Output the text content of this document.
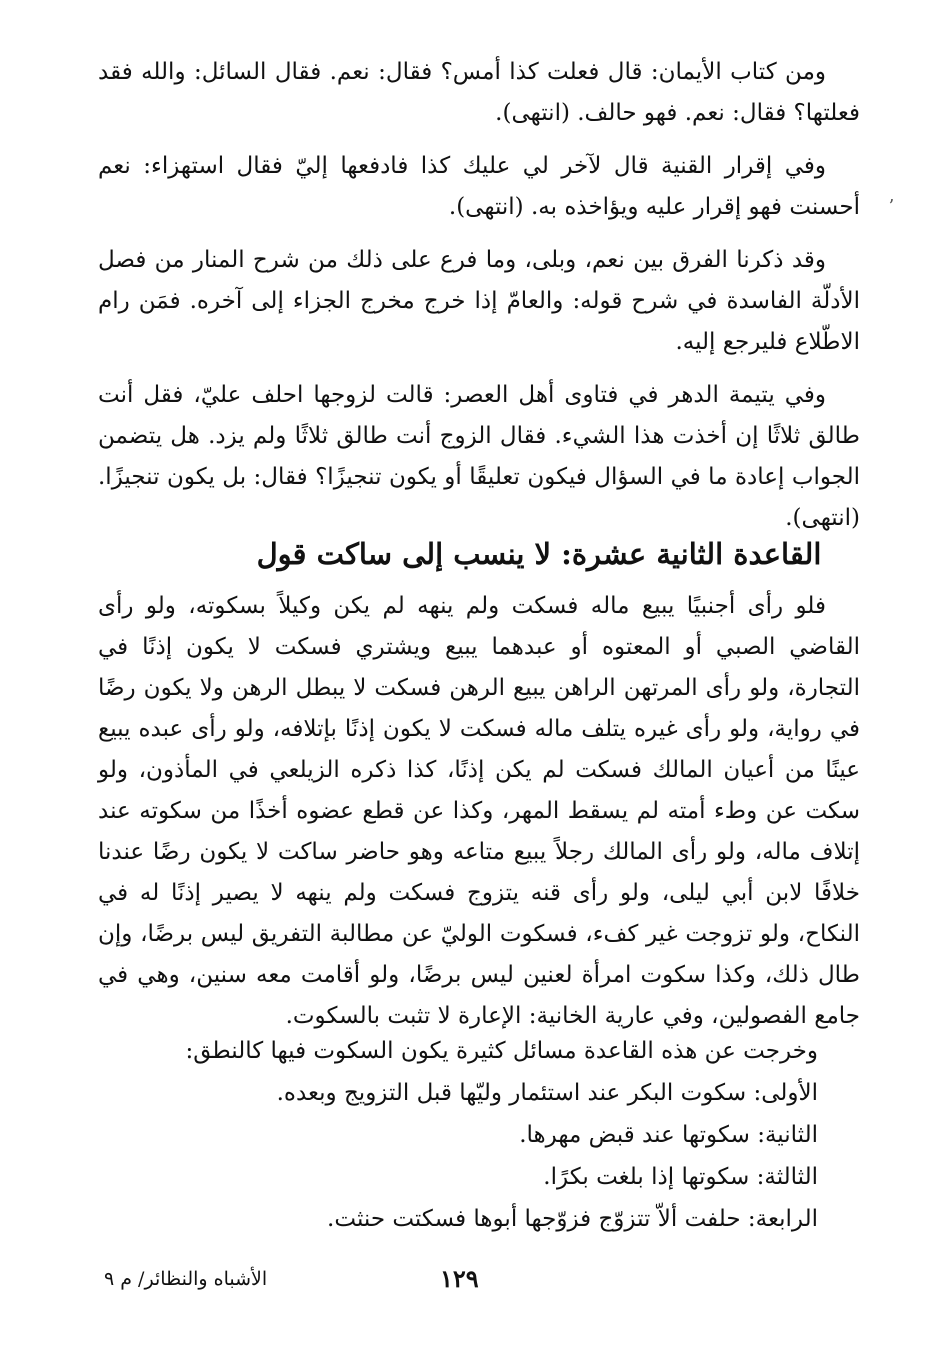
ومن كتاب الأيمان: قال فعلت كذا أمس؟ فقال: نعم. فقال السائل: والله فقد فعلتها؟ فقال: نعم. فهو حالف. (انتهى).

وفي إقرار القنية قال لآخر لي عليك كذا فادفعها إليّ فقال استهزاء: نعم أحسنت فهو إقرار عليه ويؤاخذه به. (انتهى).

وقد ذكرنا الفرق بين نعم، وبلى، وما فرع على ذلك من شرح المنار من فصل الأدلّة الفاسدة في شرح قوله: والعامّ إذا خرج مخرج الجزاء إلى آخره. فمَن رام الاطّلاع فليرجع إليه.

وفي يتيمة الدهر في فتاوى أهل العصر: قالت لزوجها احلف عليّ، فقل أنت طالق ثلاثًا إن أخذت هذا الشيء. فقال الزوج أنت طالق ثلاثًا ولم يزد. هل يتضمن الجواب إعادة ما في السؤال فيكون تعليقًا أو يكون تنجيزًا؟ فقال: بل يكون تنجيزًا. (انتهى).

ʼ
القاعدة الثانية عشرة: لا ينسب إلى ساكت قول

فلو رأى أجنبيًا يبيع ماله فسكت ولم ينهه لم يكن وكيلاً بسكوته، ولو رأى القاضي الصبي أو المعتوه أو عبدهما يبيع ويشتري فسكت لا يكون إذنًا في التجارة، ولو رأى المرتهن الراهن يبيع الرهن فسكت لا يبطل الرهن ولا يكون رضًا في رواية، ولو رأى غيره يتلف ماله فسكت لا يكون إذنًا بإتلافه، ولو رأى عبده يبيع عينًا من أعيان المالك فسكت لم يكن إذنًا، كذا ذكره الزيلعي في المأذون، ولو سكت عن وطء أمته لم يسقط المهر، وكذا عن قطع عضوه أخذًا من سكوته عند إتلاف ماله، ولو رأى المالك رجلاً يبيع متاعه وهو حاضر ساكت لا يكون رضًا عندنا خلافًا لابن أبي ليلى، ولو رأى قنه يتزوج فسكت ولم ينهه لا يصير إذنًا له في النكاح، ولو تزوجت غير كفء، فسكوت الوليّ عن مطالبة التفريق ليس برضًا، وإن طال ذلك، وكذا سكوت امرأة لعنين ليس برضًا، ولو أقامت معه سنين، وهي في جامع الفصولين، وفي عارية الخانية: الإعارة لا تثبت بالسكوت.

وخرجت عن هذه القاعدة مسائل كثيرة يكون السكوت فيها كالنطق:

الأولى: سكوت البكر عند استئمار وليّها قبل التزويج وبعده.

الثانية: سكوتها عند قبض مهرها.

الثالثة: سكوتها إذا بلغت بكرًا.

الرابعة: حلفت ألاّ تتزوّج فزوّجها أبوها فسكتت حنثت.

١٢٩
الأشباه والنظائر/ م ٩
